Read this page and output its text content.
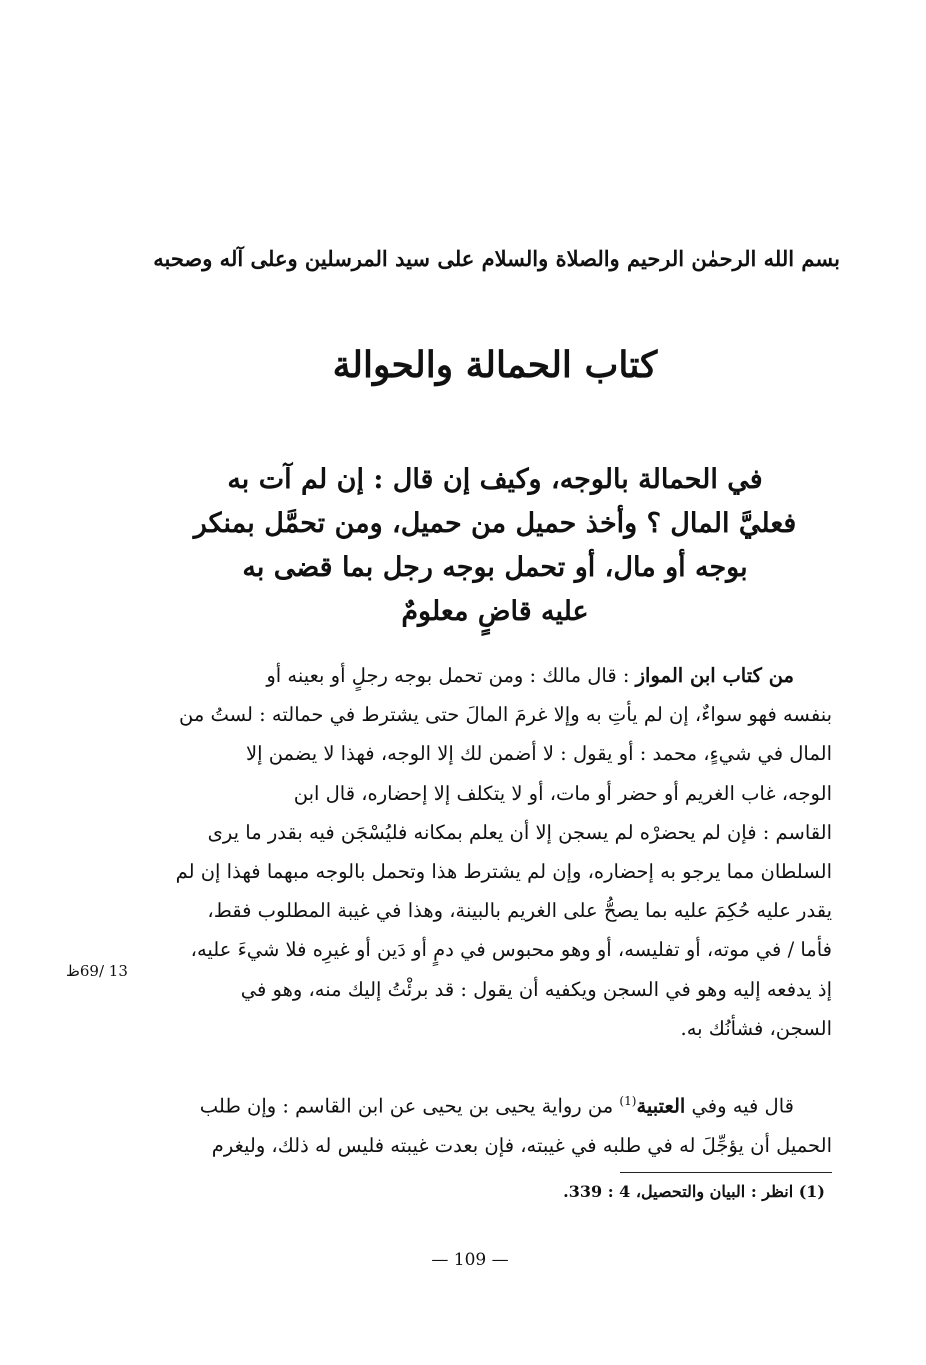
بسم الله الرحمٰن الرحيم والصلاة والسلام على سيد المرسلين وعلى آله وصحبه
كتاب الحمالة والحوالة
في الحمالة بالوجه، وكيف إن قال : إن لم آت به
فعليَّ المال ؟ وأخذ حميل من حميل، ومن تحمَّل بمنكر
بوجه أو مال، أو تحمل بوجه رجل بما قضى به
عليه قاضٍ معلومٌ
من كتاب ابن المواز : قال مالك : ومن تحمل بوجه رجلٍ أو بعينه أو
بنفسه فهو سواءٌ، إن لم يأتِ به وإلا غرمَ المالَ حتى يشترط في حمالته : لستُ من
المال في شيءٍ، محمد : أو يقول : لا أضمن لك إلا الوجه، فهذا لا يضمن إلا
الوجه، غاب الغريم أو حضر أو مات، أو لا يتكلف إلا إحضاره، قال ابن
القاسم : فإن لم يحضرْه لم يسجن إلا أن يعلم بمكانه فليُسْجَن فيه بقدر ما يرى
السلطان مما يرجو به إحضاره، وإن لم يشترط هذا وتحمل بالوجه مبهما فهذا إن لم
يقدر عليه حُكِمَ عليه بما يصحُّ على الغريم بالبينة، وهذا في غيبة المطلوب فقط،
فأما / في موته، أو تفليسه، أو وهو محبوس في دمٍ أو دَين أو غيرِه فلا شيءَ عليه،
إذ يدفعه إليه وهو في السجن ويكفيه أن يقول : قد برئْتُ إليك منه، وهو في
السجن، فشأنُك به.
13 /69ظ
قال فيه وفي العتبية$^{(1)}$ من رواية يحيى بن يحيى عن ابن القاسم : وإن طلب
الحميل أن يؤجِّلَ له في طلبه في غيبته، فإن بعدت غيبته فليس له ذلك، وليغرم
(1) انظر : البيان والتحصيل، 4 : 339.
— 109 —
